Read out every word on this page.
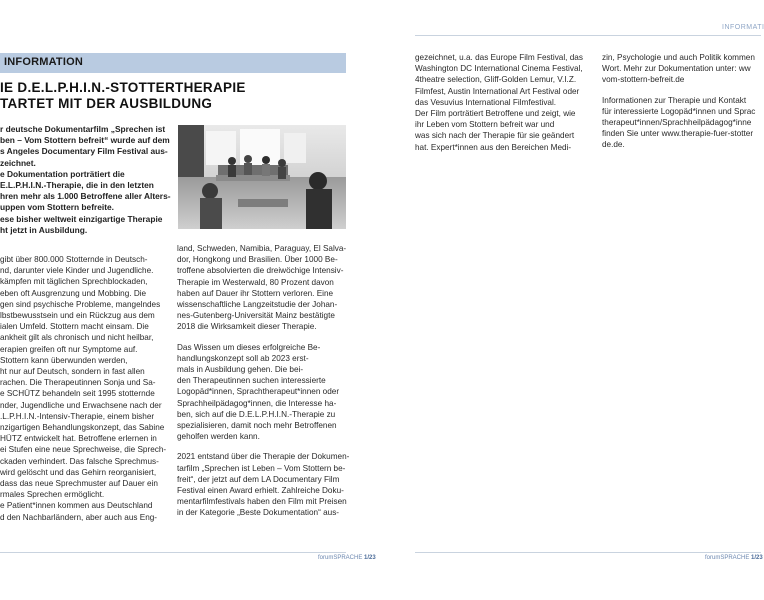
INFORMATION
IE D.E.L.P.H.I.N.-STOTTERTHERAPIE
TARTET MIT DER AUSBILDUNG

r deutsche Dokumentarfilm „Sprechen ist

ben – Vom Stottern befreit“ wurde auf dem

s Angeles Documentary Film Festival aus-

zeichnet.

e Dokumentation porträtiert die

E.L.P.H.I.N.-Therapie, die in den letzten

hren mehr als 1.000 Betroffene aller Alters-

uppen vom Stottern befreite.

ese bisher weltweit einzigartige Therapie

ht jetzt in Ausbildung.

gibt über 800.000 Stotternde in Deutsch-

nd, darunter viele Kinder und Jugendliche.

kämpfen mit täglichen Sprechblockaden,

eben oft Ausgrenzung und Mobbing. Die

gen sind psychische Probleme, mangelndes

lbstbewusstsein und ein Rückzug aus dem

ialen Umfeld. Stottern macht einsam. Die

ankheit gilt als chronisch und nicht heilbar,

erapien greifen oft nur Symptome auf.

Stottern kann überwunden werden,

ht nur auf Deutsch, sondern in fast allen

rachen. Die Therapeutinnen Sonja und Sa-

e SCHÜTZ behandeln seit 1995 stotternde

nder, Jugendliche und Erwachsene nach der

.L.P.H.I.N.-Intensiv-Therapie, einem bisher

nzigartigen Behandlungskonzept, das Sabine

HÜTZ entwickelt hat. Betroffene erlernen in

ei Stufen eine neue Sprechweise, die Sprech-

ckaden verhindert. Das falsche Sprechmus-

wird gelöscht und das Gehirn reorganisiert,

dass das neue Sprechmuster auf Dauer ein

rmales Sprechen ermöglicht.

e Patient*innen kommen aus Deutschland

d den Nachbarländern, aber auch aus Eng-

land, Schweden, Namibia, Paraguay, El Salva-

dor, Hongkong und Brasilien. Über 1000 Be-

troffene absolvierten die dreiwöchige Intensiv-

Therapie im Westerwald, 80 Prozent davon

haben auf Dauer ihr Stottern verloren. Eine

wissenschaftliche Langzeitstudie der Johan-

nes-Gutenberg-Universität Mainz bestätigte

2018 die Wirksamkeit dieser Therapie.

Das Wissen um dieses erfolgreiche Be-

handlungskonzept soll ab 2023 erst-

mals in Ausbildung gehen. Die bei-

den Therapeutinnen suchen interessierte

Logopäd*innen, Sprachtherapeut*innen oder

Sprachheilpädagog*innen, die Interesse ha-

ben, sich auf die D.E.L.P.H.I.N.-Therapie zu

spezialisieren, damit noch mehr Betroffenen

geholfen werden kann.

2021 entstand über die Therapie der Dokumen-

tarfilm „Sprechen ist Leben – Vom Stottern be-

freit“, der jetzt auf dem LA Documentary Film

Festival einen Award erhielt. Zahlreiche Doku-

mentarfilmfestivals haben den Film mit Preisen

in der Kategorie „Beste Dokumentation“ aus-

forumSPRACHE 1/23
INFORMATI

gezeichnet, u.a. das Europe Film Festival, das

Washington DC International Cinema Festival,

4theatre selection, Gliff-Golden Lemur, V.I.Z.

Filmfest, Austin International Art Festival oder

das Vesuvius International Filmfestival.

Der Film porträtiert Betroffene und zeigt, wie

ihr Leben vom Stottern befreit war und

was sich nach der Therapie für sie geändert

hat. Expert*innen aus den Bereichen Medi-

zin, Psychologie und auch Politik kommen

Wort. Mehr zur Dokumentation unter: ww

vom-stottern-befreit.de

Informationen zur Therapie und Kontakt

für interessierte Logopäd*innen und Sprac

therapeut*innen/Sprachheilpädagog*inne

finden Sie unter www.therapie-fuer-stotter

de.de.

forumSPRACHE 1/23
